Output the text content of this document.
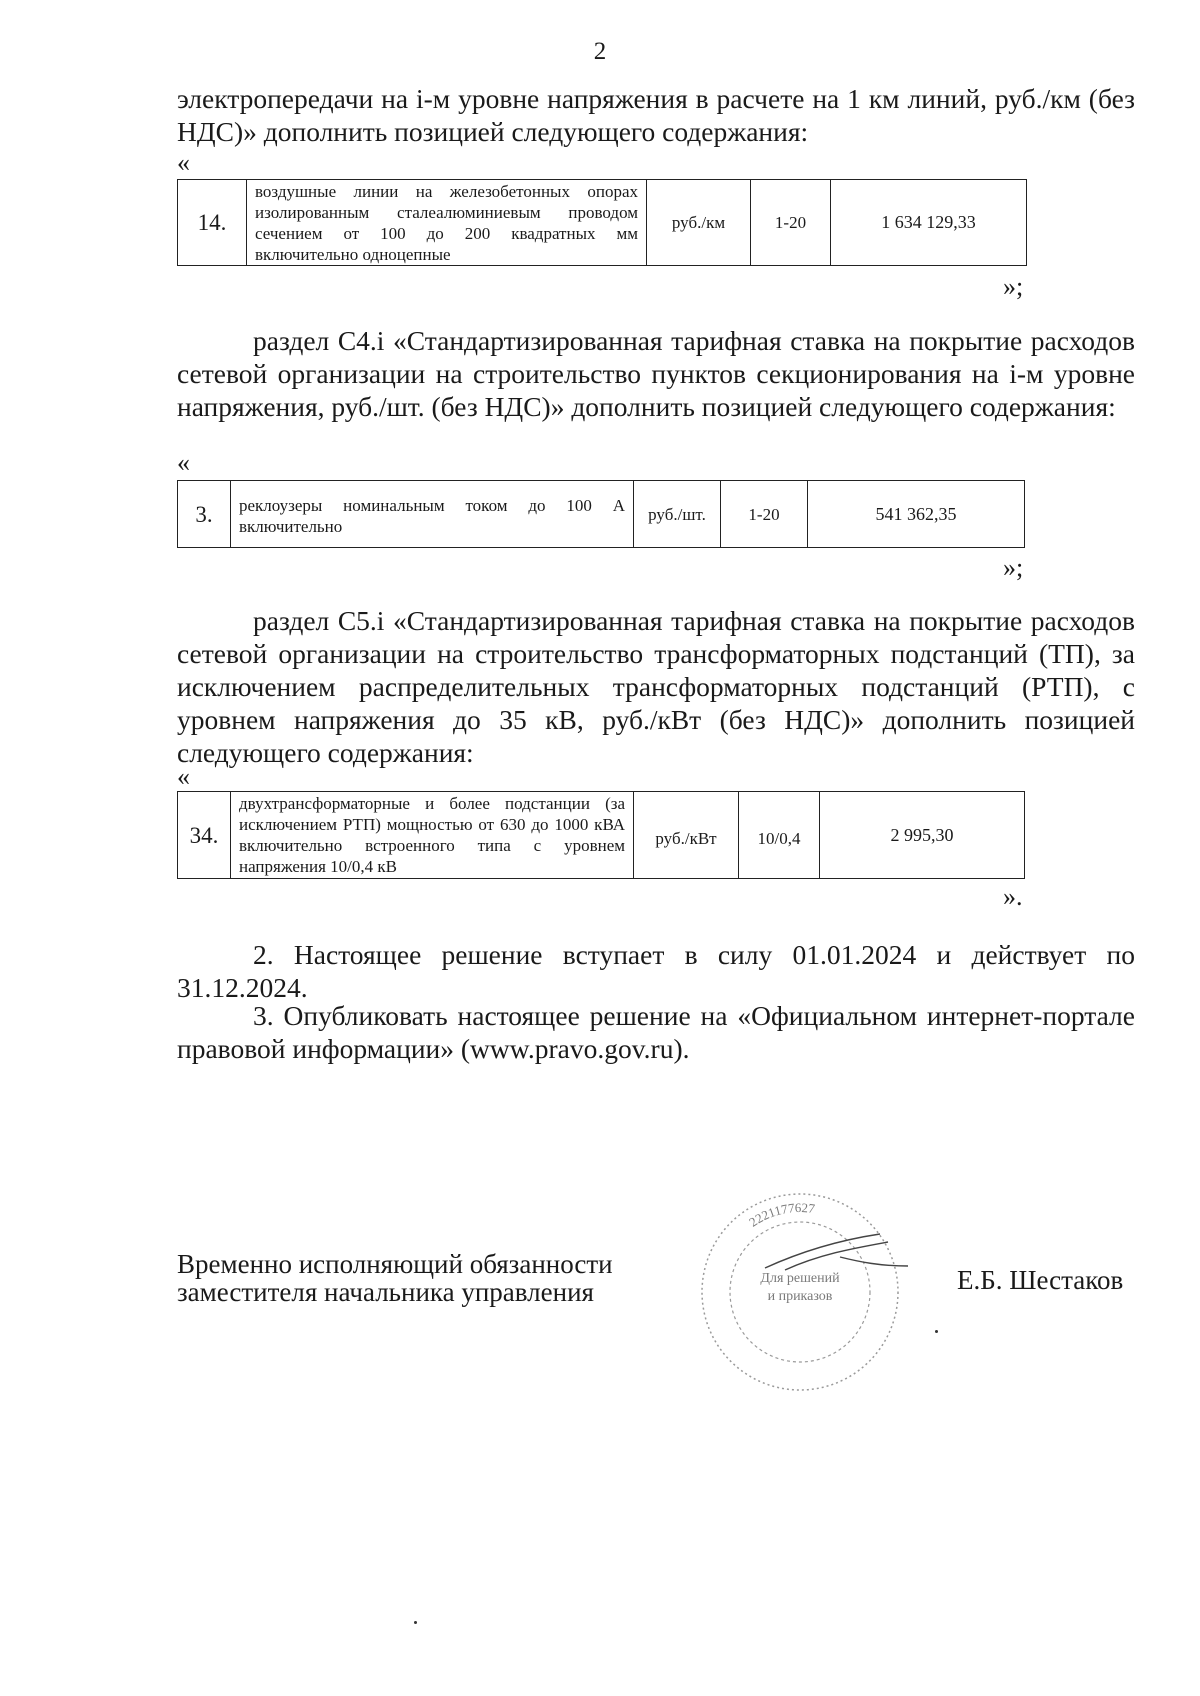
2

электропередачи на i-м уровне напряжения в расчете на 1 км линий, руб./км (без НДС)» дополнить позицией следующего содержания:

«
14.	воздушные линии на железобетонных опорах изолированным сталеалюминиевым проводом сечением от 100 до 200 квадратных мм включительно одноцепные	руб./км	1-20	1 634 129,33
»;

раздел С4.i «Стандартизированная тарифная ставка на покрытие расходов сетевой организации на строительство пунктов секционирования на i-м уровне напряжения, руб./шт. (без НДС)» дополнить позицией следующего содержания:

«
3.	реклоузеры номинальным током до 100 А включительно	руб./шт.	1-20	541 362,35
»;

раздел С5.i «Стандартизированная тарифная ставка на покрытие расходов сетевой организации на строительство трансформаторных подстанций (ТП), за исключением распределительных трансформаторных подстанций (РТП), с уровнем напряжения до 35 кВ, руб./кВт (без НДС)» дополнить позицией следующего содержания:

«
34.	двухтрансформаторные и более подстанции (за исключением РТП) мощностью от 630 до 1000 кВА включительно встроенного типа с уровнем напряжения 10/0,4 кВ	руб./кВт	10/0,4	2 995,30
».

2. Настоящее решение вступает в силу 01.01.2024 и действует по 31.12.2024.

3. Опубликовать настоящее решение на «Официальном интернет-портале правовой информации» (www.pravo.gov.ru).

Временно исполняющий обязанности
заместителя начальника управления
2221177627
Для решений
и приказов
Е.Б. Шестаков
